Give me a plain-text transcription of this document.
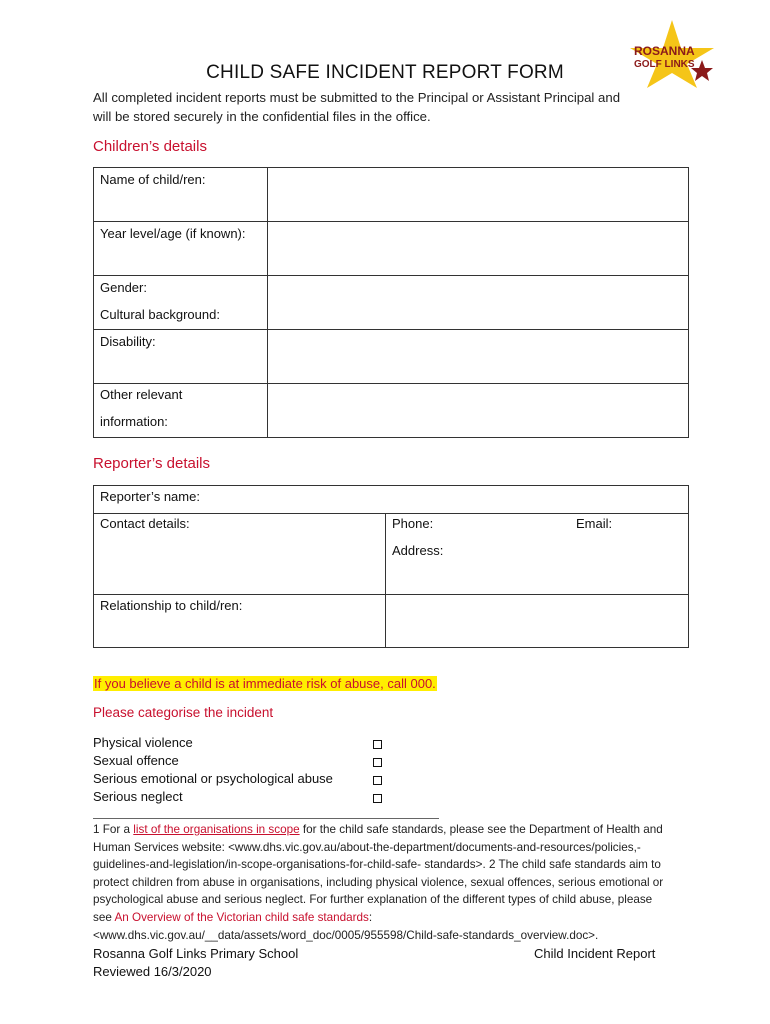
ROSANNA
GOLF LINKS
CHILD SAFE INCIDENT REPORT FORM
All completed incident reports must be submitted to the Principal or Assistant Principal and
will be stored securely in the confidential files in the office.
Children’s details
Name of child/ren:
Year level/age (if known):
Gender:
Cultural background:
Disability:
Other relevant
information:
Reporter’s details
Reporter’s name:
Contact details:	Phone:	Email:
Address:
Relationship to child/ren:
If you believe a child is at immediate risk of abuse, call 000.
Please categorise the incident
Physical violence
Sexual offence
Serious emotional or psychological abuse
Serious neglect
1 For a list of the organisations in scope for the child safe standards, please see the Department of Health and Human Services website: <www.dhs.vic.gov.au/about-the-department/documents-and-resources/policies,-guidelines-and-legislation/in-scope-organisations-for-child-safe- standards>. 2 The child safe standards aim to protect children from abuse in organisations, including physical violence, sexual offences, serious emotional or psychological abuse and serious neglect. For further explanation of the different types of child abuse, please see An Overview of the Victorian child safe standards: <www.dhs.vic.gov.au/__data/assets/word_doc/0005/955598/Child-safe-standards_overview.doc>.
Rosanna Golf Links Primary School
Reviewed 16/3/2020
Child Incident Report
